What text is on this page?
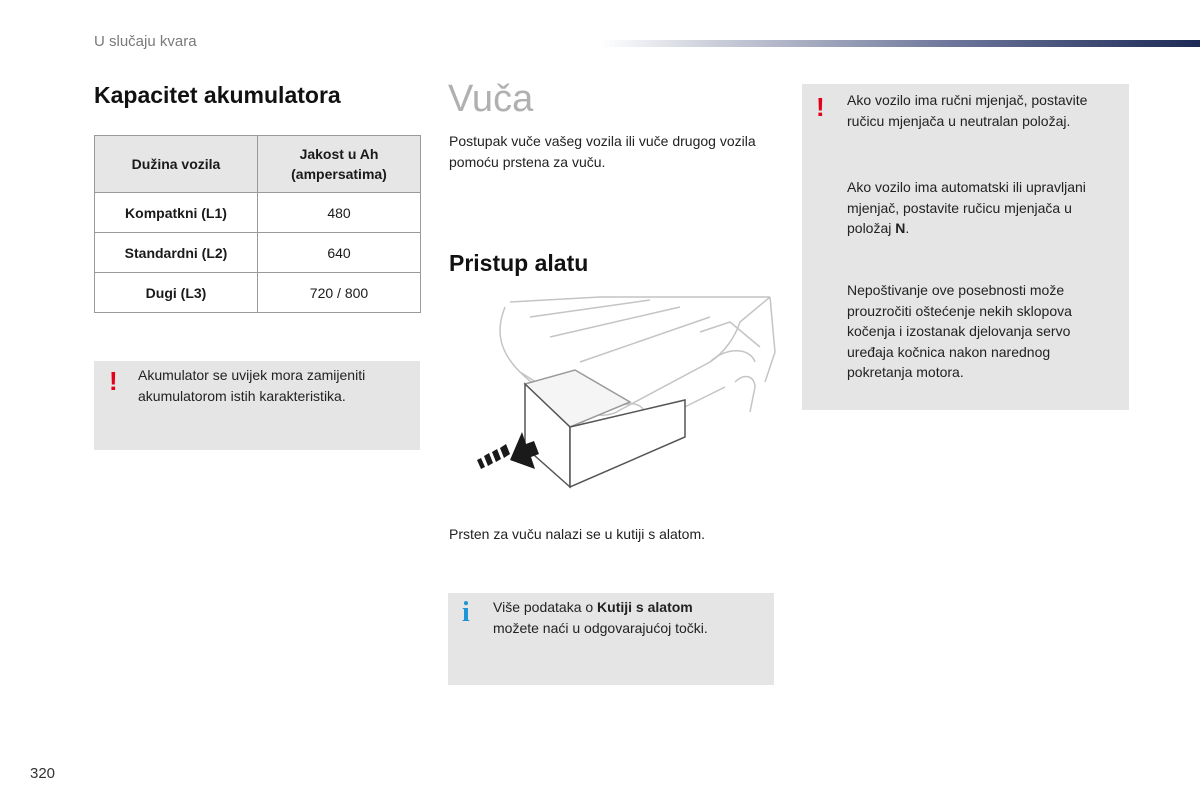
U slučaju kvara
Kapacitet akumulatora
Dužina vozila	Jakost u Ah
(ampersatima)
Kompatkni (L1)	480
Standardni (L2)	640
Dugi (L3)	720 / 800
! Akumulator se uvijek mora zamijeniti akumulatorom istih karakteristika.
Vuča
Postupak vuče vašeg vozila ili vuče drugog vozila pomoću prstena za vuču.
Pristup alatu
Prsten za vuču nalazi se u kutiji s alatom.
i Više podataka o Kutiji s alatom
možete naći u odgovarajućoj točki.
! Ako vozilo ima ručni mjenjač, postavite ručicu mjenjača u neutralan položaj.
Ako vozilo ima automatski ili upravljani mjenjač, postavite ručicu mjenjača u položaj N.
Nepoštivanje ove posebnosti može prouzročiti oštećenje nekih sklopova kočenja i izostanak djelovanja servo uređaja kočnica nakon narednog pokretanja motora.
320
